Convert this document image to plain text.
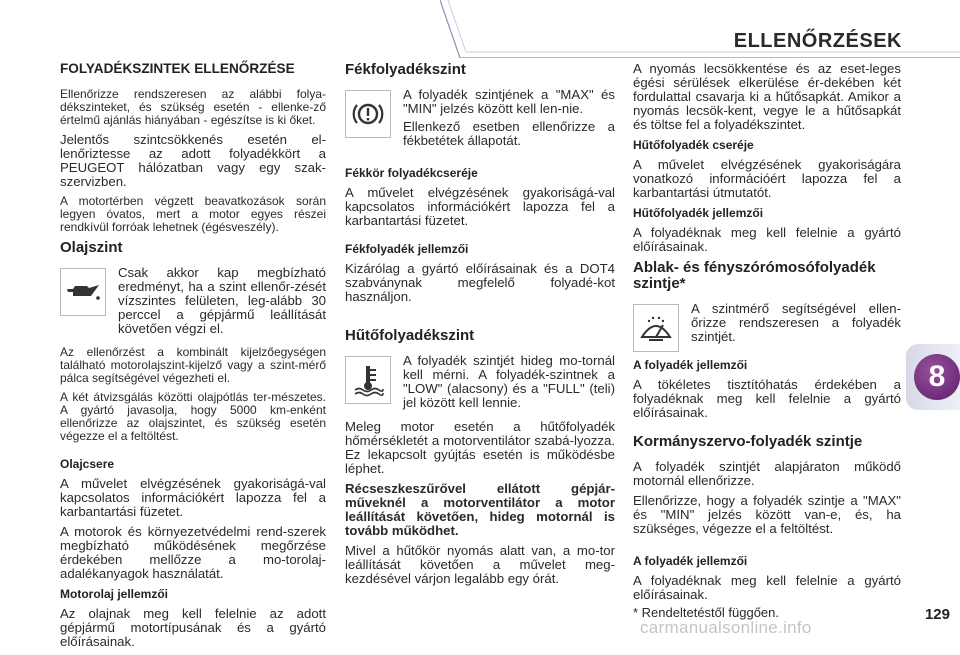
ELLENŐRZÉSEK
FOLYADÉKSZINTEK ELLENŐRZÉSE

Ellenőrizze rendszeresen az alábbi folya-dékszinteket, és szükség esetén - ellenke-ző értelmű ajánlás hiányában - egészítse is ki őket.

Jelentős szintcsökkenés esetén el-lenőriztesse az adott folyadékkört a PEUGEOT hálózatban vagy egy szak-szervizben.

A motortérben végzett beavatkozások során legyen óvatos, mert a motor egyes részei rendkívül forróak lehetnek (égésveszély).

Olajszint

Csak akkor kap megbízható eredményt, ha a szint ellenőr-zését vízszintes felületen, leg-alább 30 perccel a gépjármű leállítását követően végzi el.

Az ellenőrzést a kombinált kijelzőegységen található motorolajszint-kijelző vagy a szint-mérő pálca segítségével végezheti el.

A két átvizsgálás közötti olajpótlás ter-mészetes. A gyártó javasolja, hogy 5000 km-enként ellenőrizze az olajszintet, és szükség esetén végezze el a feltöltést.

Olajcsere

A művelet elvégzésének gyakoriságá-val kapcsolatos információkért lapozza fel a karbantartási füzetet.

A motorok és környezetvédelmi rend-szerek megbízható működésének megőrzése érdekében mellőzze a mo-torolaj-adalékanyagok használatát.

Motorolaj jellemzői

Az olajnak meg kell felelnie az adott gépjármű motortípusának és a gyártó előírásainak.

Fékfolyadékszint

A folyadék szintjének a "MAX" és "MIN" jelzés között kell len-nie.

Ellenkező esetben ellenőrizze a fékbetétek állapotát.

Fékkör folyadékcseréje

A művelet elvégzésének gyakoriságá-val kapcsolatos információkért lapozza fel a karbantartási füzetet.

Fékfolyadék jellemzői

Kizárólag a gyártó előírásainak és a DOT4 szabványnak megfelelő folyadé-kot használjon.

Hűtőfolyadékszint

A folyadék szintjét hideg mo-tornál kell mérni. A folyadék-szintnek a "LOW" (alacsony) és a "FULL" (teli) jel között kell lennie.

Meleg motor esetén a hűtőfolyadék hőmérsékletét a motorventilátor szabá-lyozza. Ez lekapcsolt gyújtás esetén is működésbe léphet.

Récseszkeszűrővel ellátott gépjár-műveknél a motorventilátor a motor leállítását követően, hideg motornál is tovább működhet.

Mivel a hűtőkör nyomás alatt van, a mo-tor leállítását követően a művelet meg-kezdésével várjon legalább egy órát.

A nyomás lecsökkentése és az eset-leges égési sérülések elkerülése ér-dekében két fordulattal csavarja ki a hűtősapkát. Amikor a nyomás lecsök-kent, vegye le a hűtősapkát és töltse fel a folyadékszintet.

Hűtőfolyadék cseréje

A művelet elvégzésének gyakoriságára vonatkozó információért lapozza fel a karbantartási útmutatót.

Hűtőfolyadék jellemzői

A folyadéknak meg kell felelnie a gyártó előírásainak.

Ablak- és fényszórómosófolyadék szintje*

A szintmérő segítségével ellen-őrizze rendszeresen a folyadék szintjét.

A folyadék jellemzői

A tökéletes tisztítóhatás érdekében a folyadéknak meg kell felelnie a gyártó előírásainak.

Kormányszervo-folyadék szintje

A folyadék szintjét alapjáraton működő motornál ellenőrizze.

Ellenőrizze, hogy a folyadék szintje a "MAX" és "MIN" jelzés között van-e, és, ha szükséges, végezze el a feltöltést.

A folyadék jellemzői

A folyadéknak meg kell felelnie a gyártó előírásainak.

8
* Rendeltetéstől függően.	129
carmanualsonline.info
